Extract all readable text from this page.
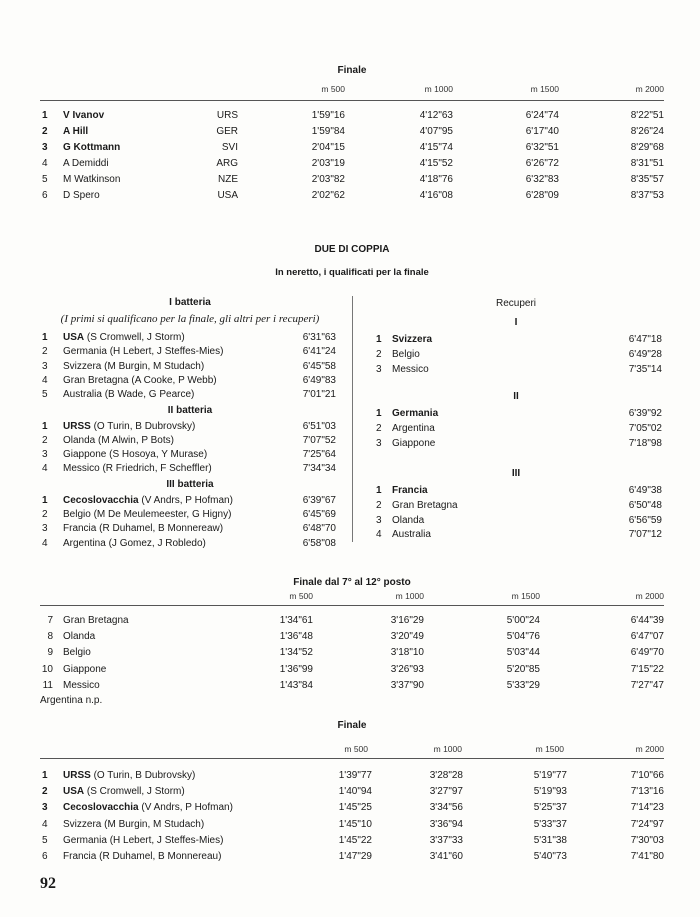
Finale
DUE DI COPPIA
In neretto, i qualificati per la finale
(I primi si qualificano per la finale, gli altri per i recuperi)
Recuperi
Finale dal 7° al 12° posto
Argentina n.p.
Finale
92
m 500	m 1000	m 1500	m 2000
1 V Ivanov	URS	1'59"16	4'12"63	6'24"74	8'22"51
2 A Hill	GER	1'59"84	4'07"95	6'17"40	8'26"24
3 G Kottmann	SVI	2'04"15	4'15"74	6'32"51	8'29"68
4 A Demiddi	ARG	2'03"19	4'15"52	6'26"72	8'31"51
5 M Watkinson	NZE	2'03"82	4'18"76	6'32"83	8'35"57
6 D Spero	USA	2'02"62	4'16"08	6'28"09	8'37"53
I batteria
1 USA (S Cromwell, J Storm)	6'31"63
2 Germania (H Lebert, J Steffes-Mies)	6'41"24
3 Svizzera (M Burgin, M Studach)	6'45"58
4 Gran Bretagna (A Cooke, P Webb)	6'49"83
5 Australia (B Wade, G Pearce)	7'01"21
II batteria
1 URSS (O Turin, B Dubrovsky)	6'51"03
2 Olanda (M Alwin, P Bots)	7'07"52
3 Giappone (S Hosoya, Y Murase)	7'25"64
4 Messico (R Friedrich, F Scheffler)	7'34"34
III batteria
1 Cecoslovacchia (V Andrs, P Hofman)	6'39"67
2 Belgio (M De Meulemeester, G Higny)	6'45"69
3 Francia (R Duhamel, B Monnereaw)	6'48"70
4 Argentina (J Gomez, J Robledo)	6'58"08
I
1 Svizzera	6'47"18
2 Belgio	6'49"28
3 Messico	7'35"14
II
1 Germania	6'39"92
2 Argentina	7'05"02
3 Giappone	7'18"98
III
1 Francia	6'49"38
2 Gran Bretagna	6'50"48
3 Olanda	6'56"59
4 Australia	7'07"12
m 500	m 1000	m 1500	m 2000
7 Gran Bretagna	1'34"61	3'16"29	5'00"24	6'44"39
8 Olanda	1'36"48	3'20"49	5'04"76	6'47"07
9 Belgio	1'34"52	3'18"10	5'03"44	6'49"70
10 Giappone	1'36"99	3'26"93	5'20"85	7'15"22
11 Messico	1'43"84	3'37"90	5'33"29	7'27"47
m 500	m 1000	m 1500	m 2000
1 URSS (O Turin, B Dubrovsky)	1'39"77	3'28"28	5'19"77	7'10"66
2 USA (S Cromwell, J Storm)	1'40"94	3'27"97	5'19"93	7'13"16
3 Cecoslovacchia (V Andrs, P Hofman)	1'45"25	3'34"56	5'25"37	7'14"23
4 Svizzera (M Burgin, M Studach)	1'45"10	3'36"94	5'33"37	7'24"97
5 Germania (H Lebert, J Steffes-Mies)	1'45"22	3'37"33	5'31"38	7'30"03
6 Francia (R Duhamel, B Monnereau)	1'47"29	3'41"60	5'40"73	7'41"80
